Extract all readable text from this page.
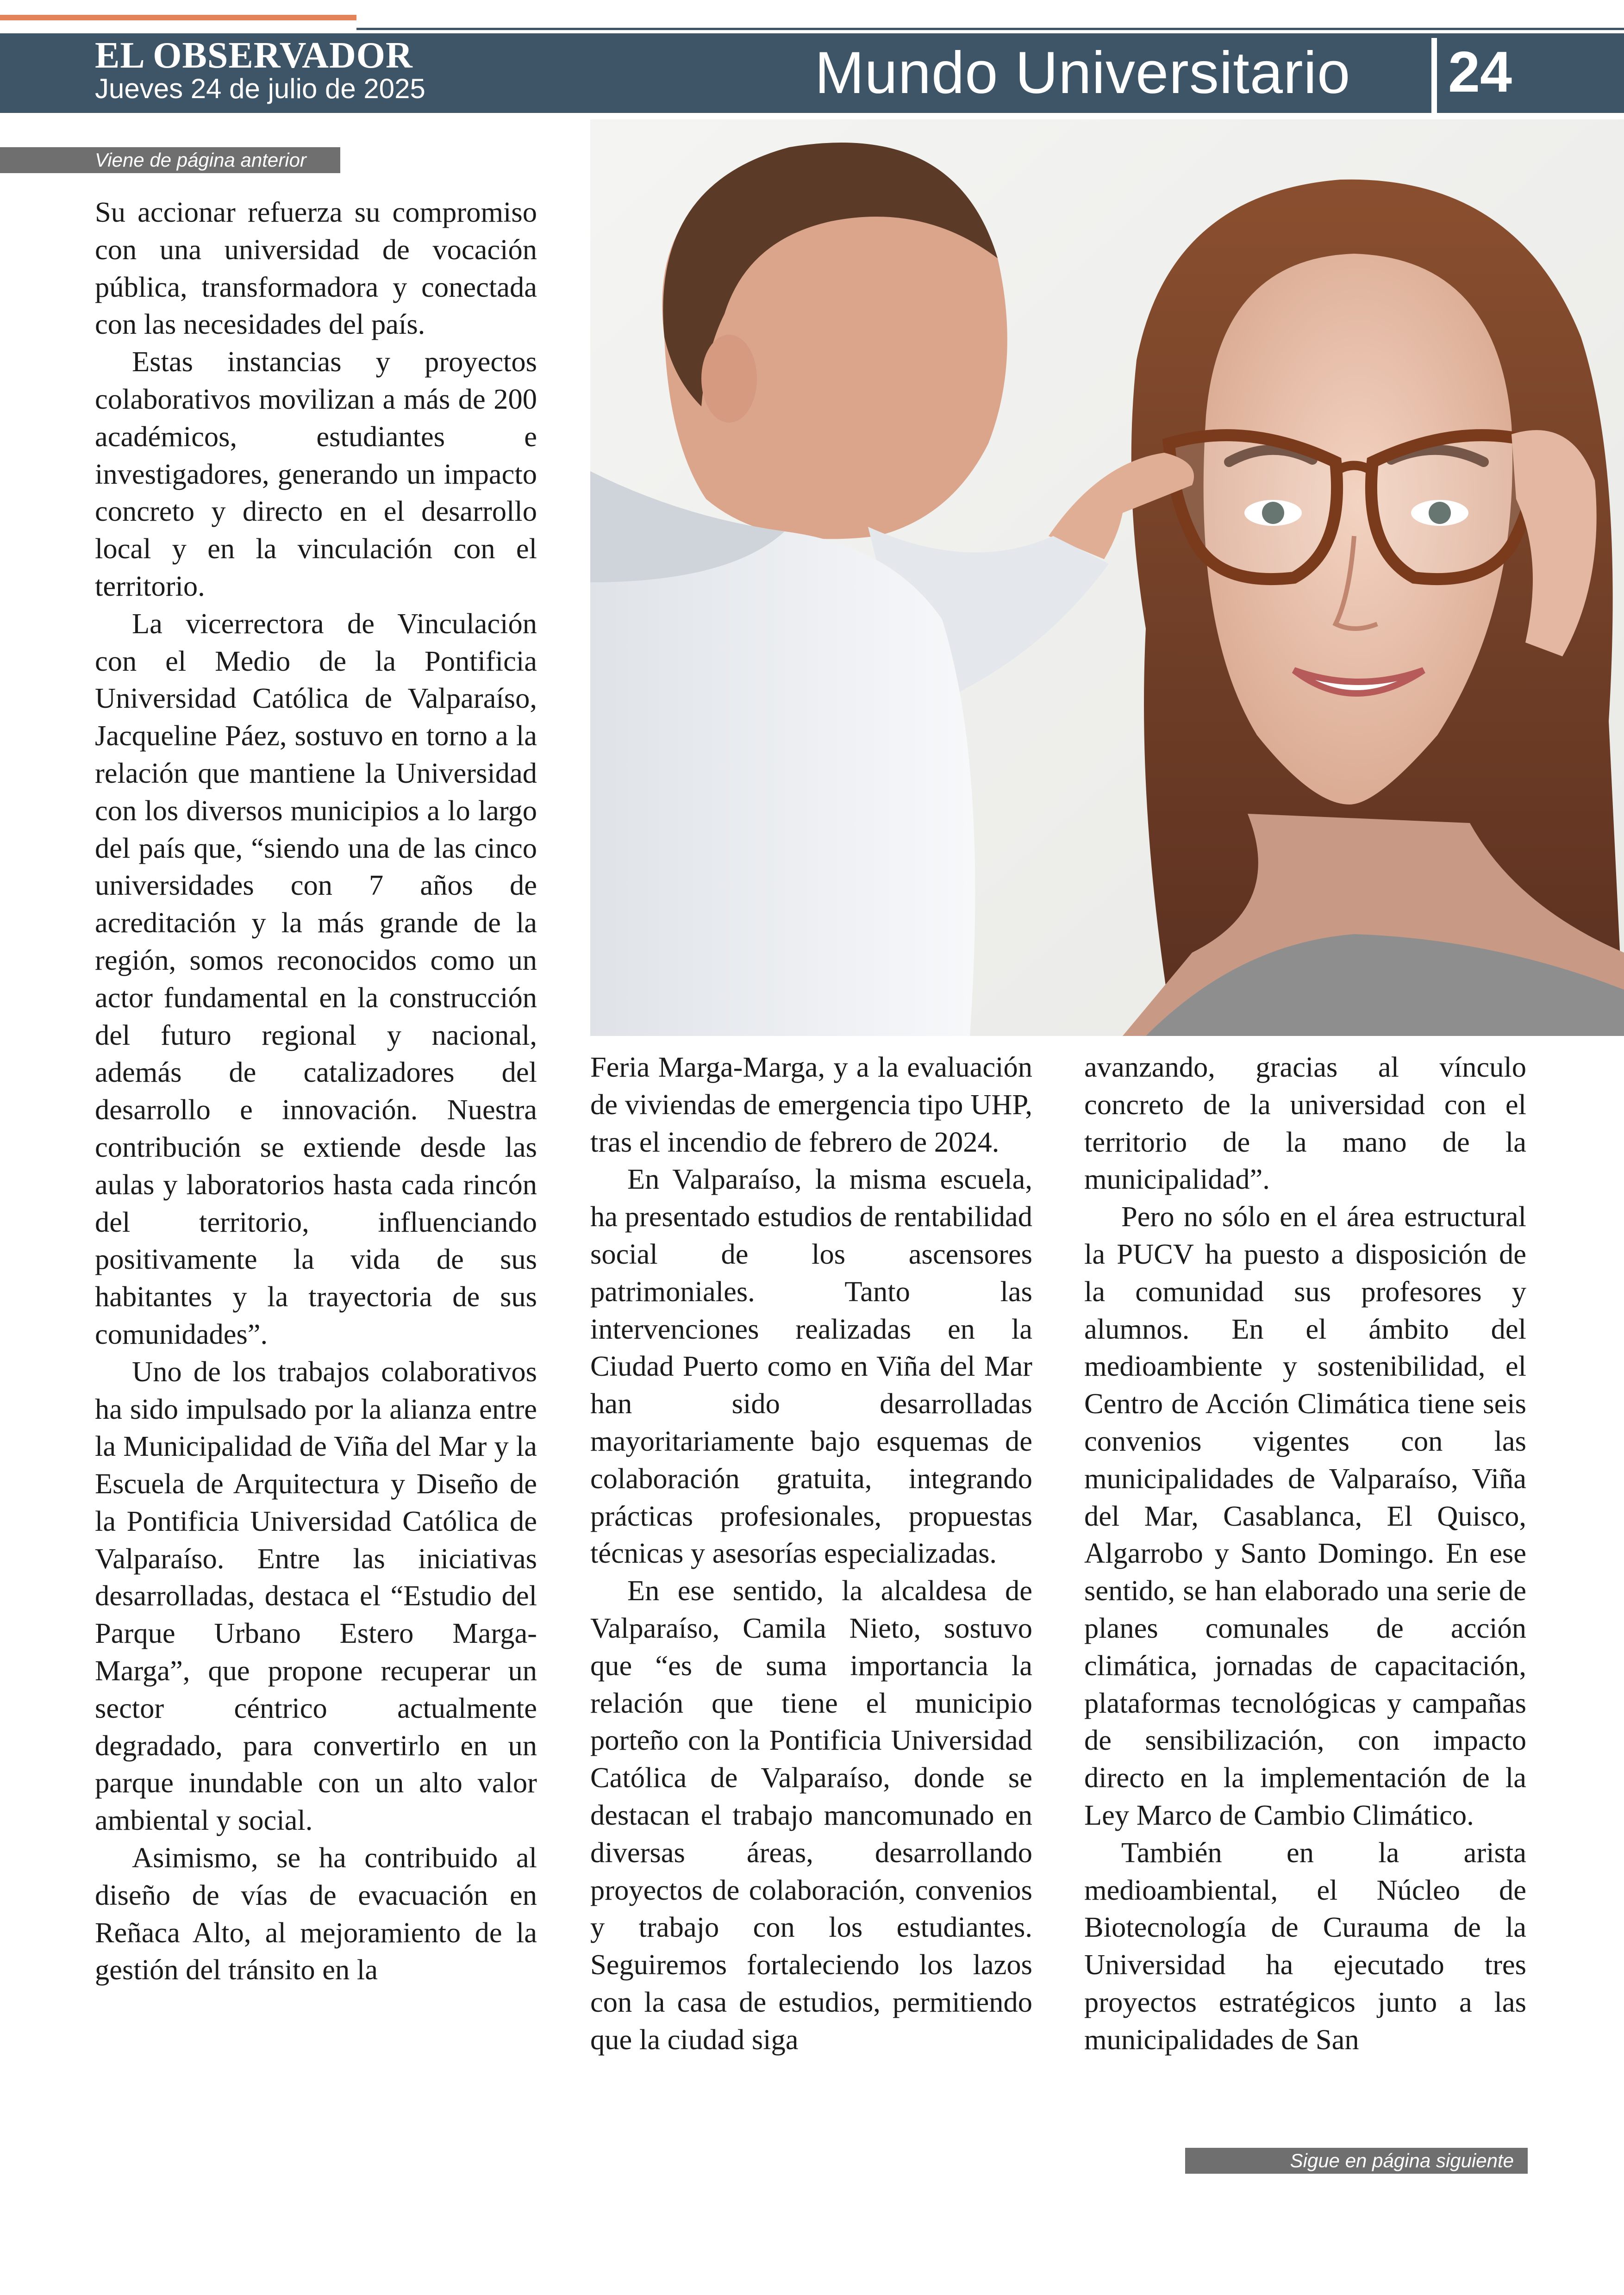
EL OBSERVADOR
Jueves 24 de julio de 2025	Mundo Universitario 24
Viene de página anterior

Su accionar refuerza su compromiso con una universidad de vocación pública, transformadora y conectada con las necesidades del país.

Estas instancias y proyectos colaborativos movilizan a más de 200 académicos, estudiantes e investigadores, generando un impacto concreto y directo en el desarrollo local y en la vinculación con el territorio.

La vicerrectora de Vinculación con el Medio de la Pontificia Universidad Católica de Valparaíso, Jacqueline Páez, sostuvo en torno a la relación que mantiene la Universidad con los diversos municipios a lo largo del país que, “siendo una de las cinco universidades con 7 años de acreditación y la más grande de la región, somos reconocidos como un actor fundamental en la construcción del futuro regional y nacional, además de catalizadores del desarrollo e innovación. Nuestra contribución se extiende desde las aulas y laboratorios hasta cada rincón del territorio, influenciando positivamente la vida de sus habitantes y la trayectoria de sus comunidades”.

Uno de los trabajos colaborativos ha sido impulsado por la alianza entre la Municipalidad de Viña del Mar y la Escuela de Arquitectura y Diseño de la Pontificia Universidad Católica de Valparaíso. Entre las iniciativas desarrolladas, destaca el “Estudio del Parque Urbano Estero Marga-Marga”, que propone recuperar un sector céntrico actualmente degradado, para convertirlo en un parque inundable con un alto valor ambiental y social.

Asimismo, se ha contribuido al diseño de vías de evacuación en Reñaca Alto, al mejoramiento de la gestión del tránsito en la

Feria Marga-Marga, y a la evaluación de viviendas de emergencia tipo UHP, tras el incendio de febrero de 2024.

En Valparaíso, la misma escuela, ha presentado estudios de rentabilidad social de los ascensores patrimoniales. Tanto las intervenciones realizadas en la Ciudad Puerto como en Viña del Mar han sido desarrolladas mayoritariamente bajo esquemas de colaboración gratuita, integrando prácticas profesionales, propuestas técnicas y asesorías especializadas.

En ese sentido, la alcaldesa de Valparaíso, Camila Nieto, sostuvo que “es de suma importancia la relación que tiene el municipio porteño con la Pontificia Universidad Católica de Valparaíso, donde se destacan el trabajo mancomunado en diversas áreas, desarrollando proyectos de colaboración, convenios y trabajo con los estudiantes. Seguiremos fortaleciendo los lazos con la casa de estudios, permitiendo que la ciudad siga

avanzando, gracias al vínculo concreto de la universidad con el territorio de la mano de la municipalidad”.

Pero no sólo en el área estructural la PUCV ha puesto a disposición de la comunidad sus profesores y alumnos. En el ámbito del medioambiente y sostenibilidad, el Centro de Acción Climática tiene seis convenios vigentes con las municipalidades de Valparaíso, Viña del Mar, Casablanca, El Quisco, Algarrobo y Santo Domingo. En ese sentido, se han elaborado una serie de planes comunales de acción climática, jornadas de capacitación, plataformas tecnológicas y campañas de sensibilización, con impacto directo en la implementación de la Ley Marco de Cambio Climático.

También en la arista medioambiental, el Núcleo de Biotecnología de Curauma de la Universidad ha ejecutado tres proyectos estratégicos junto a las municipalidades de San

Sigue en página siguiente
